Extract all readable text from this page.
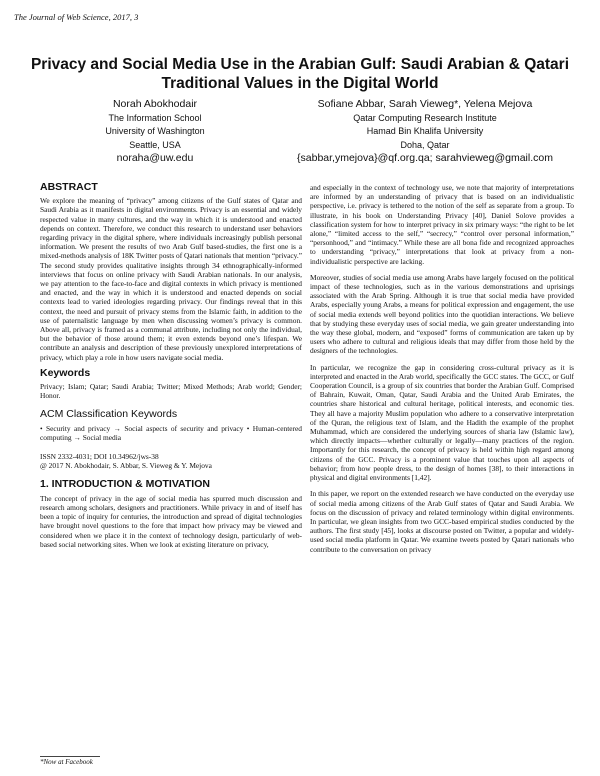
The Journal of Web Science, 2017, 3
Privacy and Social Media Use in the Arabian Gulf: Saudi Arabian & Qatari Traditional Values in the Digital World
Norah Abokhodair
The Information School
University of Washington
Seattle, USA
noraha@uw.edu
Sofiane Abbar, Sarah Vieweg*, Yelena Mejova
Qatar Computing Research Institute
Hamad Bin Khalifa University
Doha, Qatar
{sabbar,ymejova}@qf.org.qa; sarahvieweg@gmail.com
ABSTRACT

We explore the meaning of “privacy” among citizens of the Gulf states of Qatar and Saudi Arabia as it manifests in digital environments. Privacy is an essential and widely respected value in many cultures, and the way in which it is understood and enacted depends on context. Therefore, we conduct this research to understand user behaviors regarding privacy in the digital sphere, where individuals increasingly publish personal information. We present the results of two Arab Gulf based-studies, the first one is a mixed-methods analysis of 18K Twitter posts of Qatari nationals that mention “privacy.” The second study provides qualitative insights through 34 ethnographically-informed interviews that focus on online privacy with Saudi Arabian nationals. In our analysis, we pay attention to the face-to-face and digital contexts in which privacy is mentioned and enacted, and the way in which it is understood and enacted depends on social contexts lead to varied ideologies regarding privacy. Our findings reveal that in this context, the need and pursuit of privacy stems from the Islamic faith, in addition to the use of paternalistic language by men when discussing women’s privacy is common. Above all, privacy is framed as a communal attribute, including not only the individual, but the behavior of those around them; it even extends beyond one’s lifespan. We contribute an analysis and description of these previously unexplored interpretations of privacy, which play a role in how users navigate social media.

Keywords

Privacy; Islam; Qatar; Saudi Arabia; Twitter; Mixed Methods; Arab world; Gender; Honor.

ACM Classification Keywords

• Security and privacy → Social aspects of security and privacy • Human-centered computing → Social media

ISSN 2332-4031; DOI 10.34962/jws-38
@ 2017 N. Abokhodair, S. Abbar, S. Vieweg & Y. Mejova
1. INTRODUCTION & MOTIVATION

The concept of privacy in the age of social media has spurred much discussion and research among scholars, designers and practitioners. While privacy in and of itself has been a topic of inquiry for centuries, the introduction and spread of digital technologies have brought novel questions to the fore that impact how privacy may be viewed and considered when we place it in the context of technology design, particularly of web-based social networking sites. When we look at existing literature on privacy,

and especially in the context of technology use, we note that majority of interpretations are informed by an understanding of privacy that is based on an individualistic perspective, i.e. privacy is tethered to the notion of the self as separate from a group. To illustrate, in his book on Understanding Privacy [40], Daniel Solove provides a classification system for how to interpret privacy in six primary ways: “the right to be let alone,” “limited access to the self,” “secrecy,” “control over personal information,” “personhood,” and “intimacy.” While these are all bona fide and recognized approaches to understanding “privacy,” interpretations that look at privacy from a non-individualistic perspective are lacking.

Moreover, studies of social media use among Arabs have largely focused on the political impact of these technologies, such as in the various demonstrations and uprisings associated with the Arab Spring. Although it is true that social media have provided Arabs, especially young Arabs, a means for political expression and engagement, the use of social media extends well beyond politics into the quotidian interactions. We believe that by studying these everyday uses of social media, we gain greater understanding into the way these global, modern, and “exposed” forms of communication are taken up by users who adhere to cultural and religious ideals that may differ from those held by the designers of the technologies.

In particular, we recognize the gap in considering cross-cultural privacy as it is interpreted and enacted in the Arab world, specifically the GCC states. The GCC, or Gulf Cooperation Council, is a group of six countries that border the Arabian Gulf. Comprised of Bahrain, Kuwait, Oman, Qatar, Saudi Arabia and the United Arab Emirates, the countries share historical and cultural heritage, political interests, and economic ties. They all have a majority Muslim population who adhere to a conservative interpretation of the Quran, the religious text of Islam, and the Hadith the example of the prophet Muhammad, which are considered the underlying sources of sharia law (Islamic law), which directly impacts—whether culturally or legally—many practices of the region. Importantly for this research, the concept of privacy is held within high regard among citizens of the GCC. Privacy is a prominent value that touches upon all aspects of behavior; from how people dress, to the design of homes [38], to their interactions in physical and digital environments [1,42].

In this paper, we report on the extended research we have conducted on the everyday use of social media among citizens of the Arab Gulf states of Qatar and Saudi Arabia. We focus on the discussion of privacy and related terminology within digital environments. In particular, we glean insights from two GCC-based empirical studies conducted by the authors. The first study [45], looks at discourse posted on Twitter, a popular and widely-used social media platform in Qatar. We examine tweets posted by Qatari nationals who contribute to the conversation on privacy

*Now at Facebook
